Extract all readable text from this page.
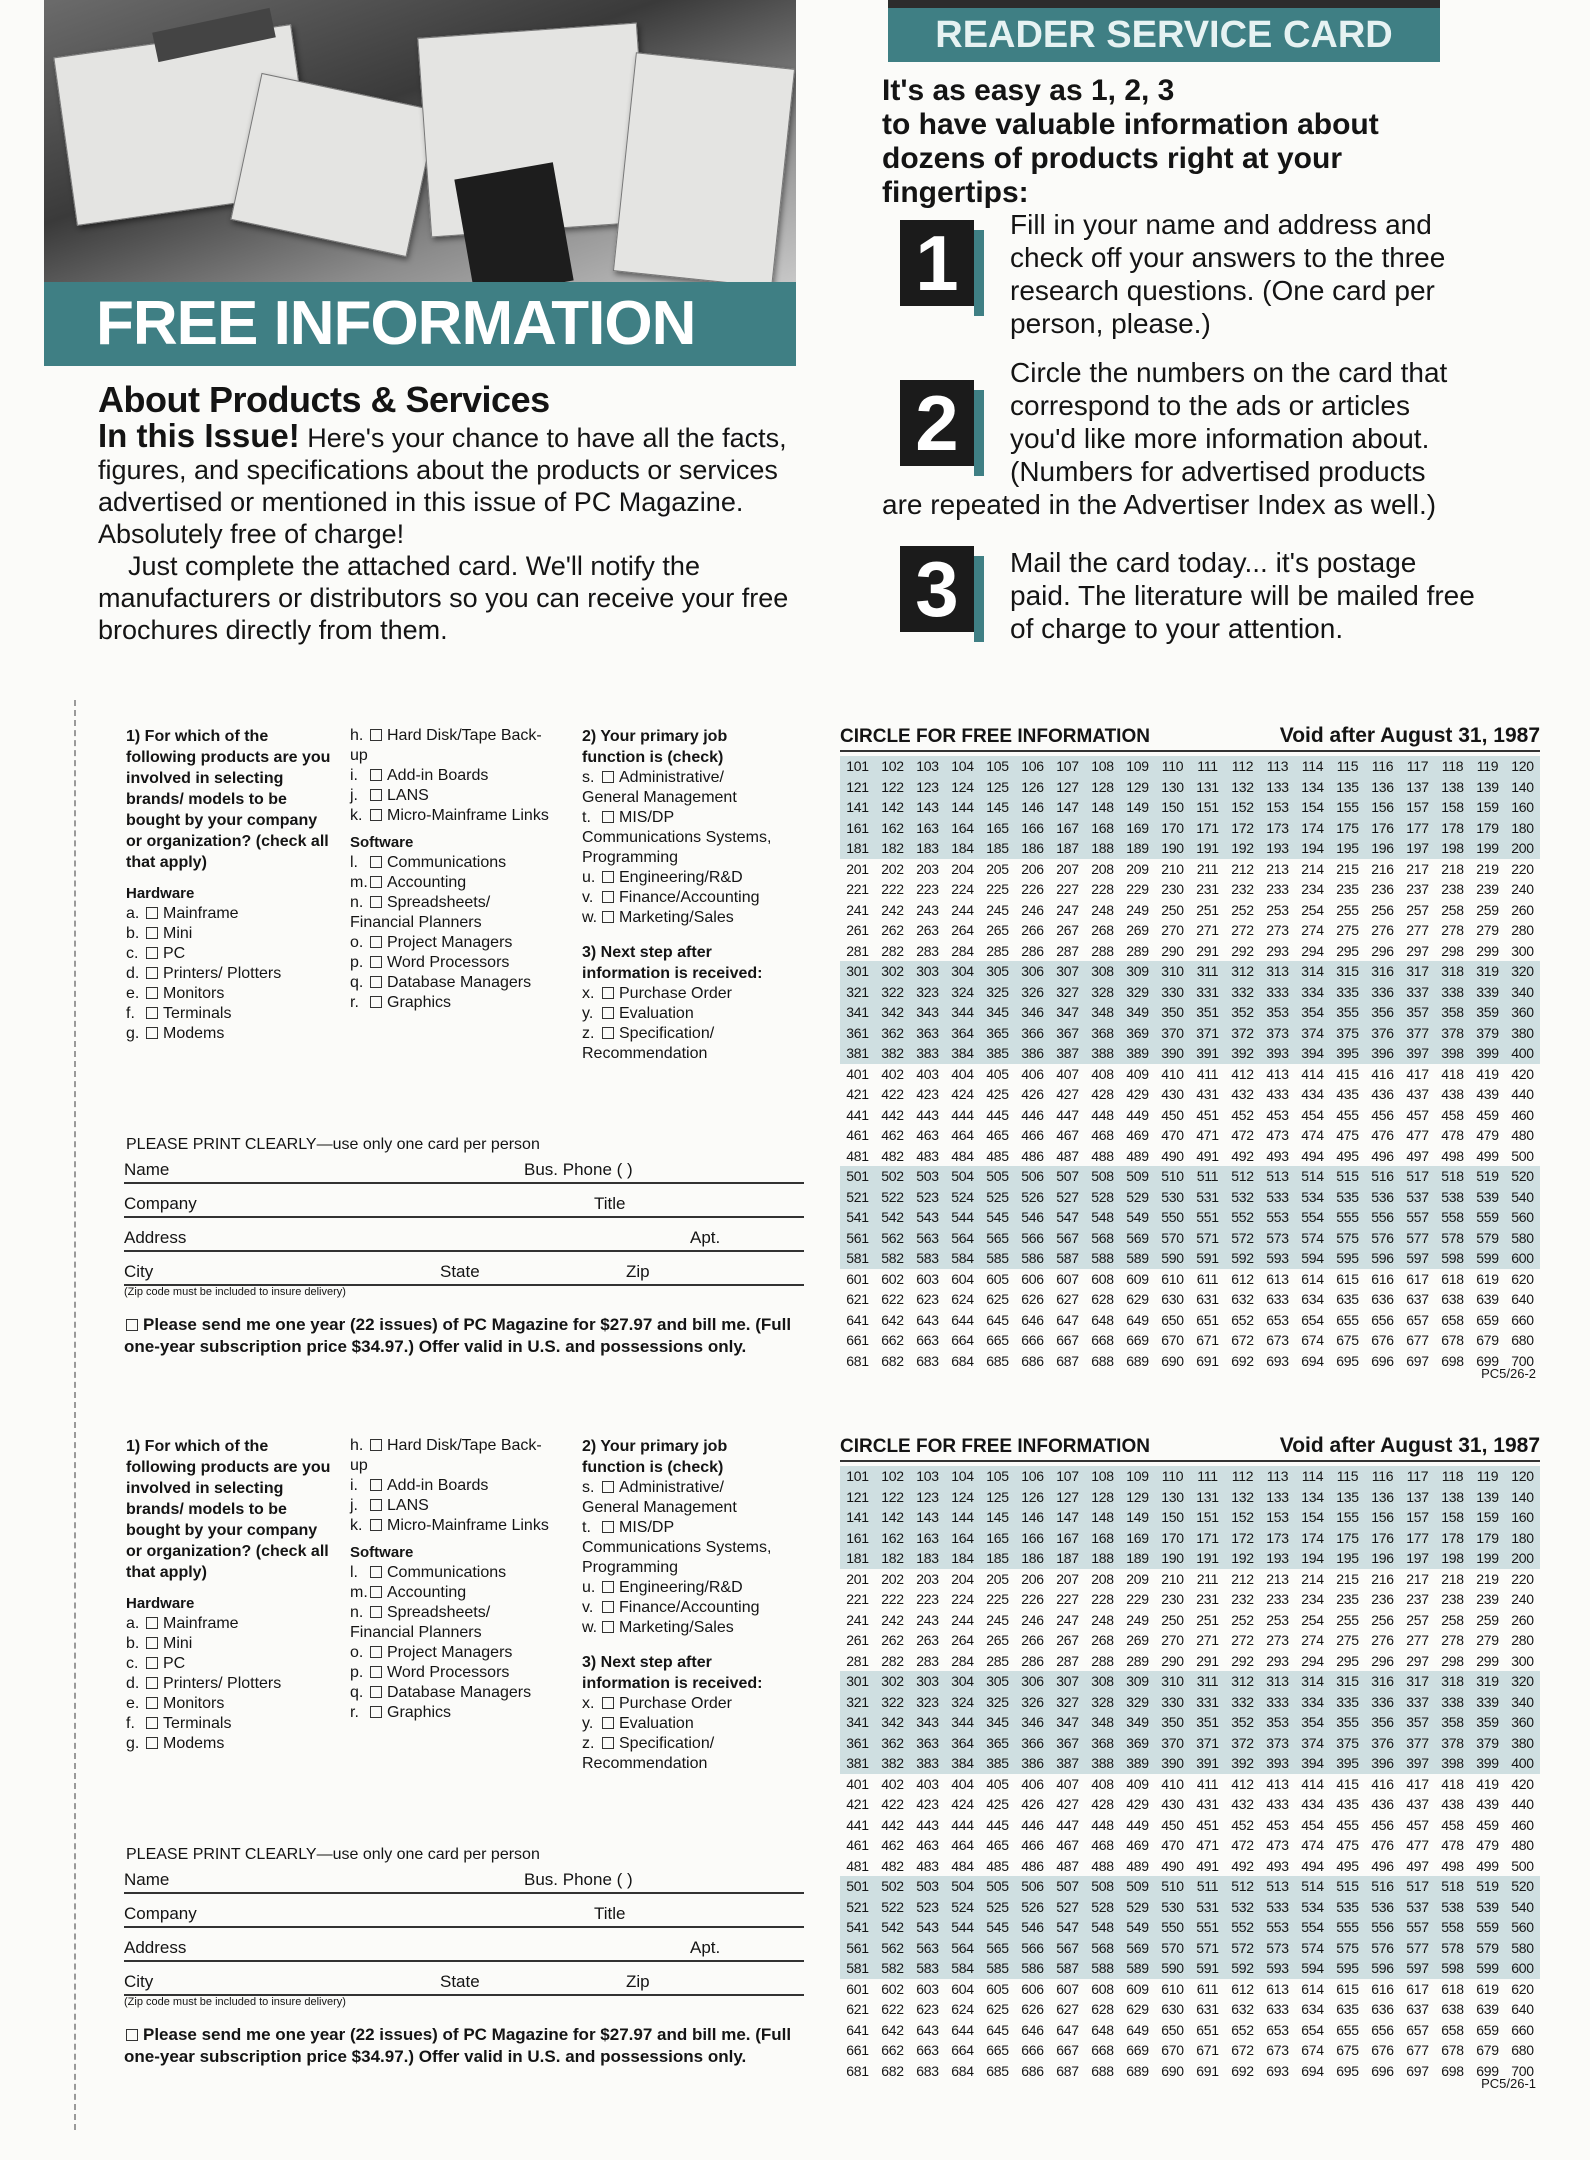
FREE INFORMATION
About Products & Services

In this Issue! Here's your chance to have all the facts, figures, and specifications about the products or services advertised or mentioned in this issue of PC Magazine. Absolutely free of charge!

Just complete the attached card. We'll notify the manufacturers or distributors so you can receive your free brochures directly from them.

READER SERVICE CARD
It's as easy as 1, 2, 3
to have valuable information about dozens of products right at your fingertips:
1	Fill in your name and address and check off your answers to the three research questions. (One card per person, please.)
2
Circle the numbers on the card that correspond to the ads or articles you'd like more information about. (Numbers for advertised products
are repeated in the Advertiser Index as well.)
3	Mail the card today... it's postage paid. The literature will be mailed free of charge to your attention.
1) For which of the following products are you involved in selecting brands/ models to be bought by your company or organization? (check all that apply)
Hardware
a. Mainframe
b. Mini
c. PC
d. Printers/ Plotters
e. Monitors
f. Terminals
g. Modems
h. Hard Disk/Tape Back-up
i. Add-in Boards
j. LANS
k. Micro-Mainframe Links
Software
l. Communications
m. Accounting
n. Spreadsheets/ Financial Planners
o. Project Managers
p. Word Processors
q. Database Managers
r. Graphics
2) Your primary job function is (check)
s. Administrative/ General Management
t. MIS/DP Communications Systems, Programming
u. Engineering/R&D
v. Finance/Accounting
w. Marketing/Sales
3) Next step after information is received:
x. Purchase Order
y. Evaluation
z. Specification/ Recommendation
PLEASE PRINT CLEARLY—use only one card per person
Name	Bus. Phone ( )
Company	Title
Address	Apt.
City	State	Zip
(Zip code must be included to insure delivery)
Please send me one year (22 issues) of PC Magazine for $27.97 and bill me. (Full one-year subscription price $34.97.) Offer valid in U.S. and possessions only.
CIRCLE FOR FREE INFORMATION	Void after August 31, 1987
101 102 103 104 105 106 107 108 109 110	111	112 113 114 115 116 117 118 119 120
121 122 123 124 125 126 127 128 129 130 131 132 133 134 135 136 137 138 139 140
141 142 143 144 145 146 147 148 149 150 151 152 153 154 155 156 157 158 159 160
161 162 163 164 165 166 167 168 169 170 171 172 173 174 175 176 177 178 179 180
181 182 183 184 185 186 187 188 189 190 191 192 193 194 195 196 197 198 199 200
201 202 203 204 205 206 207 208 209 210 211 212 213 214 215 216 217 218 219 220
221 222 223 224 225 226 227 228 229 230 231 232 233 234 235 236 237 238 239 240
241 242 243 244 245 246 247 248 249 250 251 252 253 254 255 256 257 258 259 260
261 262 263 264 265 266 267 268 269 270 271 272 273 274 275 276 277 278 279 280
281 282 283 284 285 286 287 288 289 290 291 292 293 294 295 296 297 298 299 300
301 302 303 304 305 306 307 308 309 310 311 312 313 314 315 316 317 318 319 320
321 322 323 324 325 326 327 328 329 330 331 332 333 334 335 336 337 338 339 340
341 342 343 344 345 346 347 348 349 350 351 352 353 354 355 356 357 358 359 360
361 362 363 364 365 366 367 368 369 370 371 372 373 374 375 376 377 378 379 380
381 382 383 384 385 386 387 388 389 390 391 392 393 394 395 396 397 398 399 400
401 402 403 404 405 406 407 408 409 410 411 412 413 414 415 416 417 418 419 420
421 422 423 424 425 426 427 428 429 430 431 432 433 434 435 436 437 438 439 440
441 442 443 444 445 446 447 448 449 450 451 452 453 454 455 456 457 458 459 460
461 462 463 464 465 466 467 468 469 470 471 472 473 474 475 476 477 478 479 480
481 482 483 484 485 486 487 488 489 490 491 492 493 494 495 496 497 498 499 500
501 502 503 504 505 506 507 508 509 510 511 512 513 514 515 516 517 518 519 520
521 522 523 524 525 526 527 528 529 530 531 532 533 534 535 536 537 538 539 540
541 542 543 544 545 546 547 548 549 550 551 552 553 554 555 556 557 558 559 560
561 562 563 564 565 566 567 568 569 570 571 572 573 574 575 576 577 578 579 580
581 582 583 584 585 586 587 588 589 590 591 592 593 594 595 596 597 598 599 600
601 602 603 604 605 606 607 608 609 610 611 612 613 614 615 616 617 618 619 620
621 622 623 624 625 626 627 628 629 630 631 632 633 634 635 636 637 638 639 640
641 642 643 644 645 646 647 648 649 650 651 652 653 654 655 656 657 658 659 660
661 662 663 664 665 666 667 668 669 670 671 672 673 674 675 676 677 678 679 680
681 682 683 684 685 686 687 688 689 690 691 692 693 694 695 696 697 698 699 700
PC5/26-2
1) For which of the following products are you involved in selecting brands/ models to be bought by your company or organization? (check all that apply)
Hardware
a. Mainframe
b. Mini
c. PC
d. Printers/ Plotters
e. Monitors
f. Terminals
g. Modems
h. Hard Disk/Tape Back-up
i. Add-in Boards
j. LANS
k. Micro-Mainframe Links
Software
l. Communications
m. Accounting
n. Spreadsheets/ Financial Planners
o. Project Managers
p. Word Processors
q. Database Managers
r. Graphics
2) Your primary job function is (check)
s. Administrative/ General Management
t. MIS/DP Communications Systems, Programming
u. Engineering/R&D
v. Finance/Accounting
w. Marketing/Sales
3) Next step after information is received:
x. Purchase Order
y. Evaluation
z. Specification/ Recommendation
PLEASE PRINT CLEARLY—use only one card per person
Name	Bus. Phone ( )
Company	Title
Address	Apt.
City	State	Zip
(Zip code must be included to insure delivery)
Please send me one year (22 issues) of PC Magazine for $27.97 and bill me. (Full one-year subscription price $34.97.) Offer valid in U.S. and possessions only.
CIRCLE FOR FREE INFORMATION	Void after August 31, 1987
101 102 103 104 105 106 107 108 109 110	111	112 113 114 115 116 117 118 119 120
121 122 123 124 125 126 127 128 129 130 131 132 133 134 135 136 137 138 139 140
141 142 143 144 145 146 147 148 149 150 151 152 153 154 155 156 157 158 159 160
161 162 163 164 165 166 167 168 169 170 171 172 173 174 175 176 177 178 179 180
181 182 183 184 185 186 187 188 189 190 191 192 193 194 195 196 197 198 199 200
201 202 203 204 205 206 207 208 209 210 211 212 213 214 215 216 217 218 219 220
221 222 223 224 225 226 227 228 229 230 231 232 233 234 235 236 237 238 239 240
241 242 243 244 245 246 247 248 249 250 251 252 253 254 255 256 257 258 259 260
261 262 263 264 265 266 267 268 269 270 271 272 273 274 275 276 277 278 279 280
281 282 283 284 285 286 287 288 289 290 291 292 293 294 295 296 297 298 299 300
301 302 303 304 305 306 307 308 309 310 311 312 313 314 315 316 317 318 319 320
321 322 323 324 325 326 327 328 329 330 331 332 333 334 335 336 337 338 339 340
341 342 343 344 345 346 347 348 349 350 351 352 353 354 355 356 357 358 359 360
361 362 363 364 365 366 367 368 369 370 371 372 373 374 375 376 377 378 379 380
381 382 383 384 385 386 387 388 389 390 391 392 393 394 395 396 397 398 399 400
401 402 403 404 405 406 407 408 409 410 411 412 413 414 415 416 417 418 419 420
421 422 423 424 425 426 427 428 429 430 431 432 433 434 435 436 437 438 439 440
441 442 443 444 445 446 447 448 449 450 451 452 453 454 455 456 457 458 459 460
461 462 463 464 465 466 467 468 469 470 471 472 473 474 475 476 477 478 479 480
481 482 483 484 485 486 487 488 489 490 491 492 493 494 495 496 497 498 499 500
501 502 503 504 505 506 507 508 509 510 511 512 513 514 515 516 517 518 519 520
521 522 523 524 525 526 527 528 529 530 531 532 533 534 535 536 537 538 539 540
541 542 543 544 545 546 547 548 549 550 551 552 553 554 555 556 557 558 559 560
561 562 563 564 565 566 567 568 569 570 571 572 573 574 575 576 577 578 579 580
581 582 583 584 585 586 587 588 589 590 591 592 593 594 595 596 597 598 599 600
601 602 603 604 605 606 607 608 609 610 611 612 613 614 615 616 617 618 619 620
621 622 623 624 625 626 627 628 629 630 631 632 633 634 635 636 637 638 639 640
641 642 643 644 645 646 647 648 649 650 651 652 653 654 655 656 657 658 659 660
661 662 663 664 665 666 667 668 669 670 671 672 673 674 675 676 677 678 679 680
681 682 683 684 685 686 687 688 689 690 691 692 693 694 695 696 697 698 699 700
PC5/26-1
